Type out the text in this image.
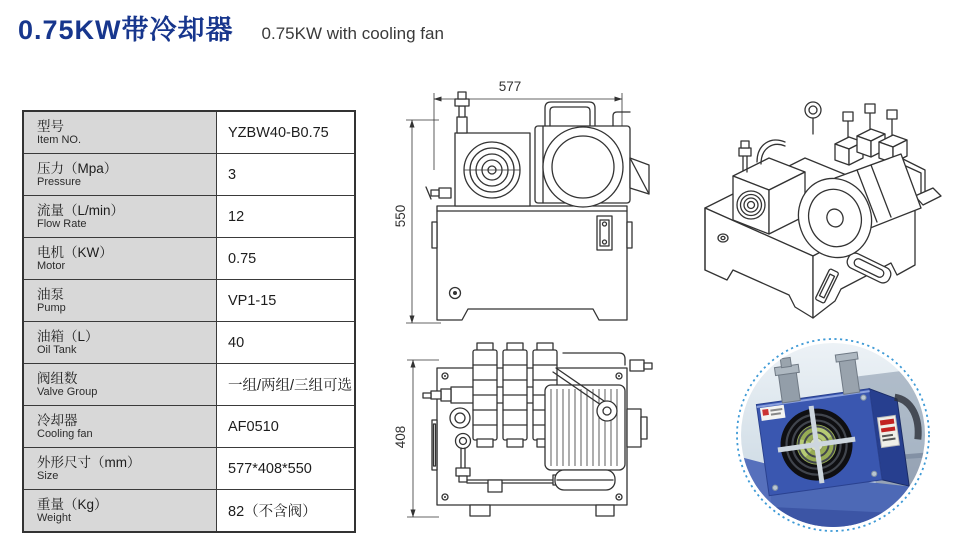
0.75KW带冷却器 0.75KW with cooling fan
型号
Item NO.	YZBW40-B0.75

压力（Mpa）
Pressure	3

流量（L/min）
Flow Rate	12

电机（KW）
Motor	0.75

油泵
Pump	VP1-15

油箱（L）
Oil Tank	40

阀组数
Valve Group	一组/两组/三组可选

冷却器
Cooling fan	AF0510

外形尺寸（mm）
Size	577*408*550

重量（Kg）
Weight	82（不含阀）
577
550
408
